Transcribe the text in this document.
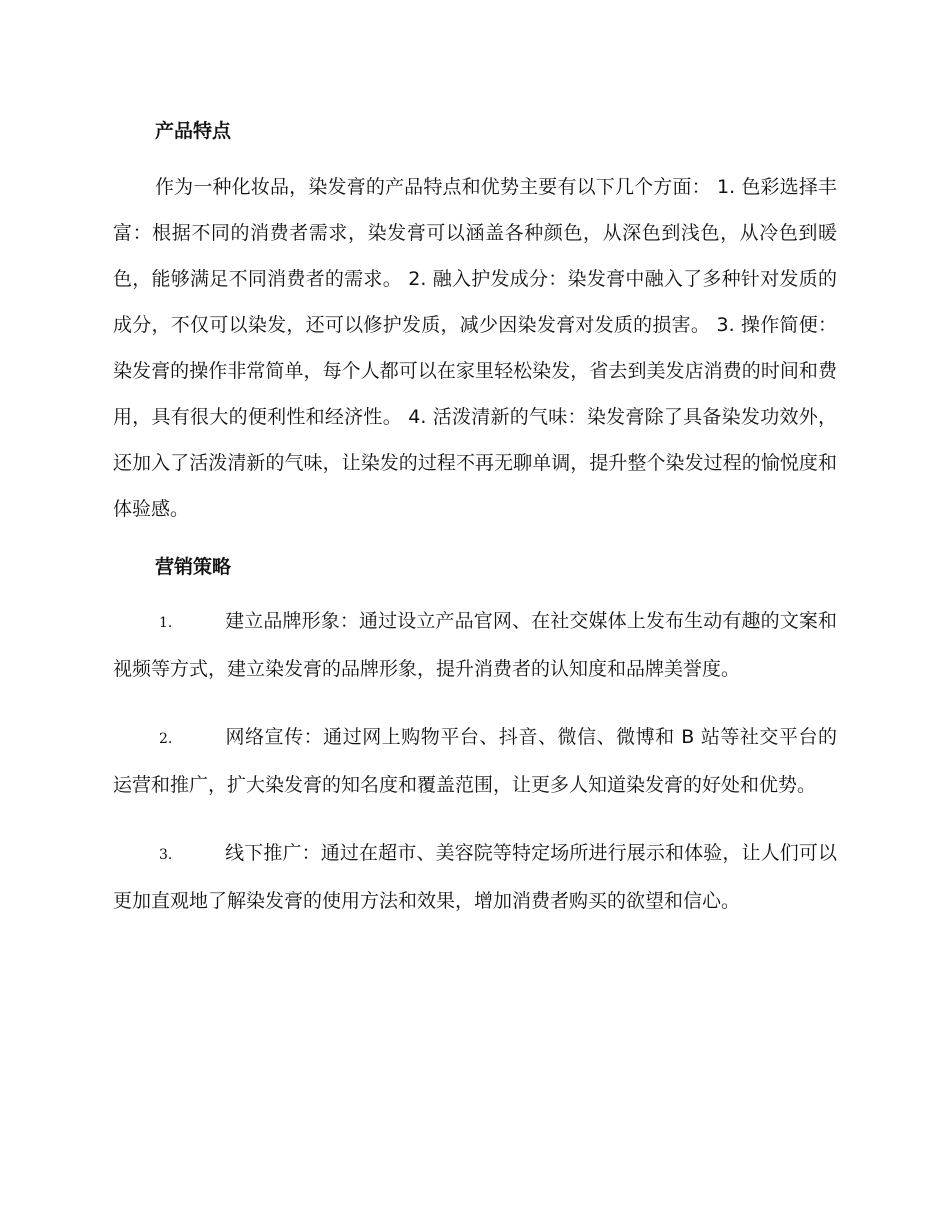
产品特点

作为一种化妆品，染发膏的产品特点和优势主要有以下几个方面： 1. 色彩选择丰富：根据不同的消费者需求，染发膏可以涵盖各种颜色，从深色到浅色，从冷色到暖色，能够满足不同消费者的需求。 2. 融入护发成分：染发膏中融入了多种针对发质的成分，不仅可以染发，还可以修护发质，减少因染发膏对发质的损害。 3. 操作简便：染发膏的操作非常简单，每个人都可以在家里轻松染发，省去到美发店消费的时间和费用，具有很大的便利性和经济性。 4. 活泼清新的气味：染发膏除了具备染发功效外，还加入了活泼清新的气味，让染发的过程不再无聊单调，提升整个染发过程的愉悦度和体验感。

营销策略
1.	建立品牌形象：通过设立产品官网、在社交媒体上发布生动有趣的文案和视频等方式，建立染发膏的品牌形象，提升消费者的认知度和品牌美誉度。
2.	网络宣传：通过网上购物平台、抖音、微信、微博和 B 站等社交平台的运营和推广，扩大染发膏的知名度和覆盖范围，让更多人知道染发膏的好处和优势。
3.	线下推广：通过在超市、美容院等特定场所进行展示和体验，让人们可以更加直观地了解染发膏的使用方法和效果，增加消费者购买的欲望和信心。
